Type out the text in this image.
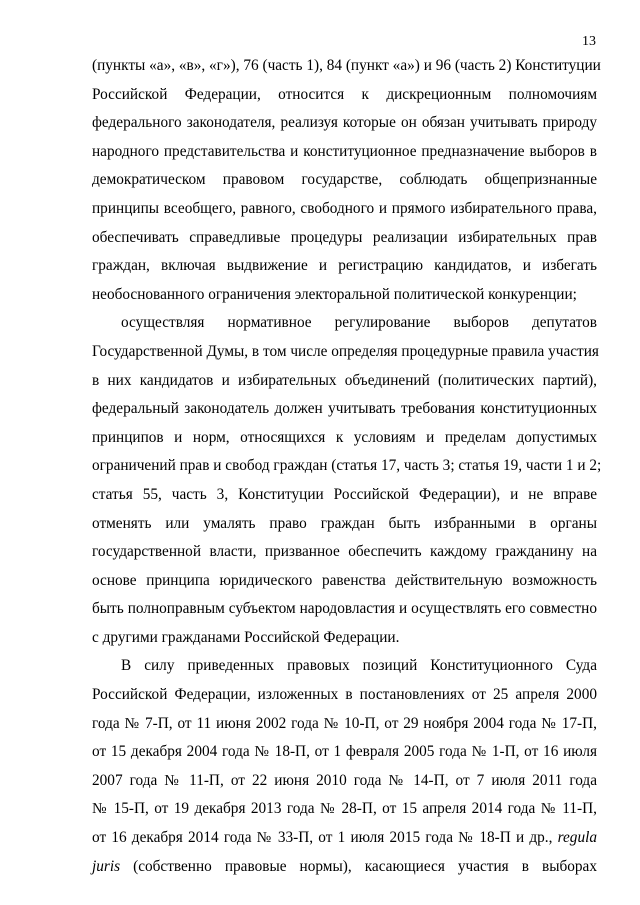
13
(пункты «а», «в», «г»), 76 (часть 1), 84 (пункт «а») и 96 (часть 2) Конституции
Российской Федерации, относится к дискреционным полномочиям
федерального законодателя, реализуя которые он обязан учитывать природу
народного представительства и конституционное предназначение выборов в
демократическом правовом государстве, соблюдать общепризнанные
принципы всеобщего, равного, свободного и прямого избирательного права,
обеспечивать справедливые процедуры реализации избирательных прав
граждан, включая выдвижение и регистрацию кандидатов, и избегать
необоснованного ограничения электоральной политической конкуренции;
осуществляя нормативное регулирование выборов депутатов
Государственной Думы, в том числе определяя процедурные правила участия
в них кандидатов и избирательных объединений (политических партий),
федеральный законодатель должен учитывать требования конституционных
принципов и норм, относящихся к условиям и пределам допустимых
ограничений прав и свобод граждан (статья 17, часть 3; статья 19, части 1 и 2;
статья 55, часть 3, Конституции Российской Федерации), и не вправе
отменять или умалять право граждан быть избранными в органы
государственной власти, призванное обеспечить каждому гражданину на
основе принципа юридического равенства действительную возможность
быть полноправным субъектом народовластия и осуществлять его совместно
с другими гражданами Российской Федерации.
В силу приведенных правовых позиций Конституционного Суда
Российской Федерации, изложенных в постановлениях от 25 апреля 2000
года № 7-П, от 11 июня 2002 года № 10-П, от 29 ноября 2004 года № 17-П,
от 15 декабря 2004 года № 18-П, от 1 февраля 2005 года № 1-П, от 16 июля
2007 года № 11-П, от 22 июня 2010 года № 14-П, от 7 июля 2011 года
№ 15-П, от 19 декабря 2013 года № 28-П, от 15 апреля 2014 года № 11-П,
от 16 декабря 2014 года № 33-П, от 1 июля 2015 года № 18-П и др., regula
juris (собственно правовые нормы), касающиеся участия в выборах
